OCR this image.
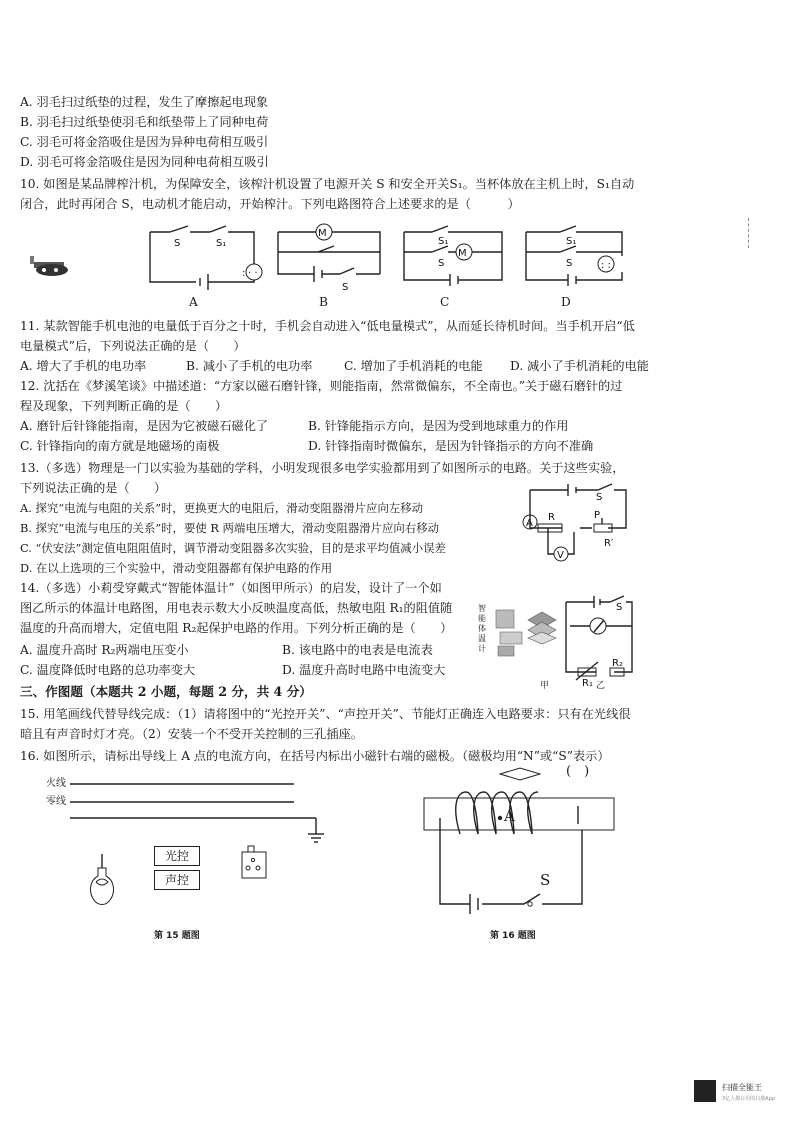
A. 羽毛扫过纸垫的过程，发生了摩擦起电现象
B. 羽毛扫过纸垫使羽毛和纸垫带上了同种电荷
C. 羽毛可将金箔吸住是因为异种电荷相互吸引
D. 羽毛可将金箔吸住是因为同种电荷相互吸引
10. 如图是某品牌榨汁机，为保障安全，该榨汁机设置了电源开关 S 和安全开关S₁。当杯体放在主机上时，S₁自动
闭合，此时再闭合 S，电动机才能启动，开始榨汁。下列电路图符合上述要求的是（　　　）
: · ·
S	S₁
A
M
S
B
M
S₁
S
C
: :
S₁
S
D
11. 某款智能手机电池的电量低于百分之十时，手机会自动进入“低电量模式”，从而延长待机时间。当手机开启“低
电量模式”后，下列说法正确的是（　　）
A. 增大了手机的电功率	B. 减小了手机的电功率	C. 增加了手机消耗的电能 D. 减小了手机消耗的电能
12. 沈括在《梦溪笔谈》中描述道：“方家以磁石磨针锋，则能指南，然常微偏东，不全南也。”关于磁石磨针的过
程及现象，下列判断正确的是（　　）
A. 磨针后针锋能指南，是因为它被磁石磁化了	B. 针锋能指示方向，是因为受到地球重力的作用
C. 针锋指向的南方就是地磁场的南极	D. 针锋指南时微偏东，是因为针锋指示的方向不准确
13.（多选）物理是一门以实验为基础的学科，小明发现很多电学实验都用到了如图所示的电路。关于这些实验，
下列说法正确的是（　　）
A. 探究“电流与电阻的关系”时，更换更大的电阻后，滑动变阻器滑片应向左移动
B. 探究“电流与电压的关系”时，要使 R 两端电压增大，滑动变阻器滑片应向右移动
C. “伏安法”测定值电阻阻值时，调节滑动变阻器多次实验，目的是求平均值减小误差
D. 在以上选项的三个实验中，滑动变阻器都有保护电路的作用
A
V
S
R	P
R′
14.（多选）小莉受穿戴式“智能体温计”（如图甲所示）的启发，设计了一个如
图乙所示的体温计电路图，用电表示数大小反映温度高低，热敏电阻 R₁的阻值随
温度的升高而增大，定值电阻 R₂起保护电路的作用。下列分析正确的是（　　）
A. 温度升高时 R₂两端电压变小	B. 该电路中的电表是电流表
C. 温度降低时电路的总功率变大	D. 温度升高时电路中电流变大
智能体温计
S
R₁
R₂
甲	乙
三、作图题（本题共 2 小题，每题 2 分，共 4 分）
15. 用笔画线代替导线完成：（1）请将图中的“光控开关”、“声控开关”、节能灯正确连入电路要求：只有在光线很
暗且有声音时灯才亮。（2）安装一个不受开关控制的三孔插座。
16. 如图所示，请标出导线上 A 点的电流方向，在括号内标出小磁针右端的磁极。（磁极均用“N”或“S”表示）
火线
零线
光控
声控
第 15 题图
(　)
A
S
第 16 题图
扫描全能王
3亿人都在用的扫描App
